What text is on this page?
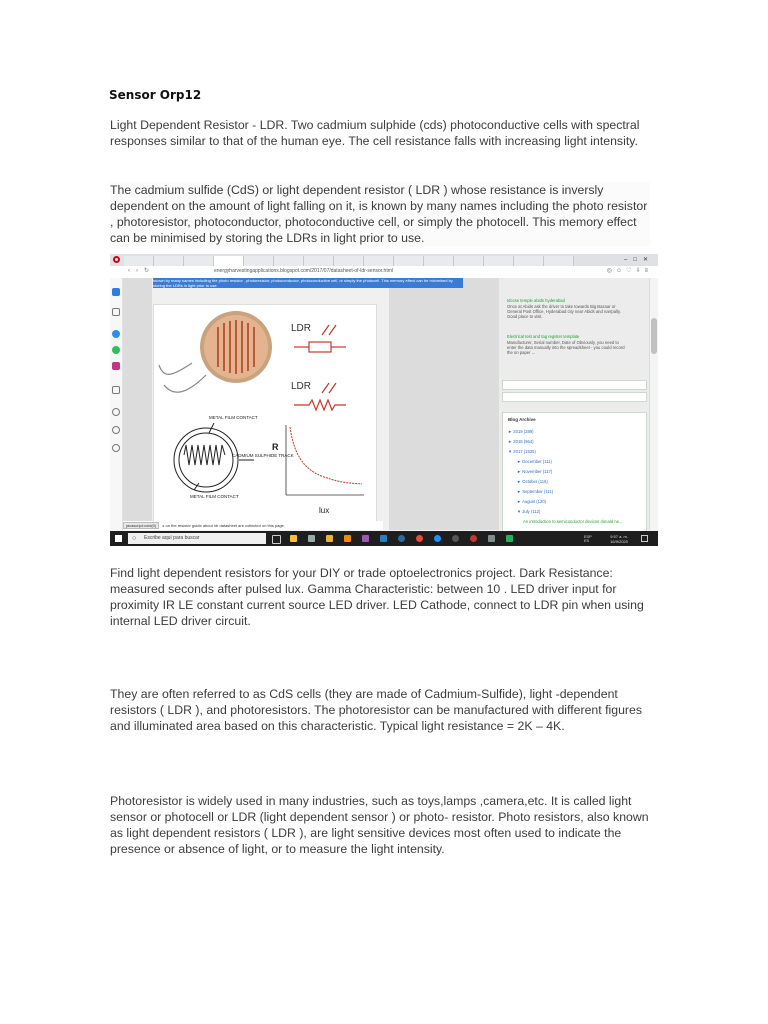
Sensor Orp12
Light Dependent Resistor - LDR. Two cadmium sulphide (cds) photoconductive cells with spectral responses similar to that of the human eye. The cell resistance falls with increasing light intensity.
The cadmium sulfide (CdS) or light dependent resistor ( LDR ) whose resistance is inversly dependent on the amount of light falling on it, is known by many names including the photo resistor , photoresistor, photoconductor, photoconductive cell, or simply the photocell. This memory effect can be minimised by storing the LDRs in light prior to use.
–□✕
‹›↻	energyharvestingapplications.blogspot.com/2017/07/datasheet-of-ldr-sensor.html	◎☺♡⇩≡
known by many names including the photo resistor , photoresistor, photoconductor, photoconductive cell, or simply the photocell. This memory effect can be minimised by storing the LDRs in light prior to use.
LDR
LDR
METAL FILM CONTACT
CADMIUM SULPHIDE TRACK
METAL FILM CONTACT
R
lux
Idccse temple abids hyderabad
Once at Abids ask the driver to take towards Big Bazaar or General Post Office, Hyderabad city near Abids and narrpally. Good place to visit.
Electrical test and tag register template
Manufacturer, Serial number, Date of Obviously, you need to enter the data manually into the spreadsheet - you could record the on paper ...
Blog Archive
► 2019 (289)
► 2018 (964)
▼ 2017 (1525)
► December (111)
► November (117)
► October (116)
► September (111)
► August (120)
▼ July (112)
An introduction to semiconductor devices donald ne...
javascript:void(0) s on the resistor guide about ldr datasheet are collected on this page.
○ Escribe aquí para buscar	9:57 a. m.
16/9/2020
ESP ES
Find light dependent resistors for your DIY or trade optoelectronics project. Dark Resistance: measured seconds after pulsed lux. Gamma Characteristic: between 10 . LED driver input for proximity IR LE constant current source LED driver. LED Cathode, connect to LDR pin when using internal LED driver circuit.
They are often referred to as CdS cells (they are made of Cadmium-Sulfide), light -dependent resistors ( LDR ), and photoresistors. The photoresistor can be manufactured with different figures and illuminated area based on this characteristic. Typical light resistance = 2K – 4K.
Photoresistor is widely used in many industries, such as toys,lamps ,camera,etc. It is called light sensor or photocell or LDR (light dependent sensor ) or photo- resistor. Photo resistors, also known as light dependent resistors ( LDR ), are light sensitive devices most often used to indicate the presence or absence of light, or to measure the light intensity.
